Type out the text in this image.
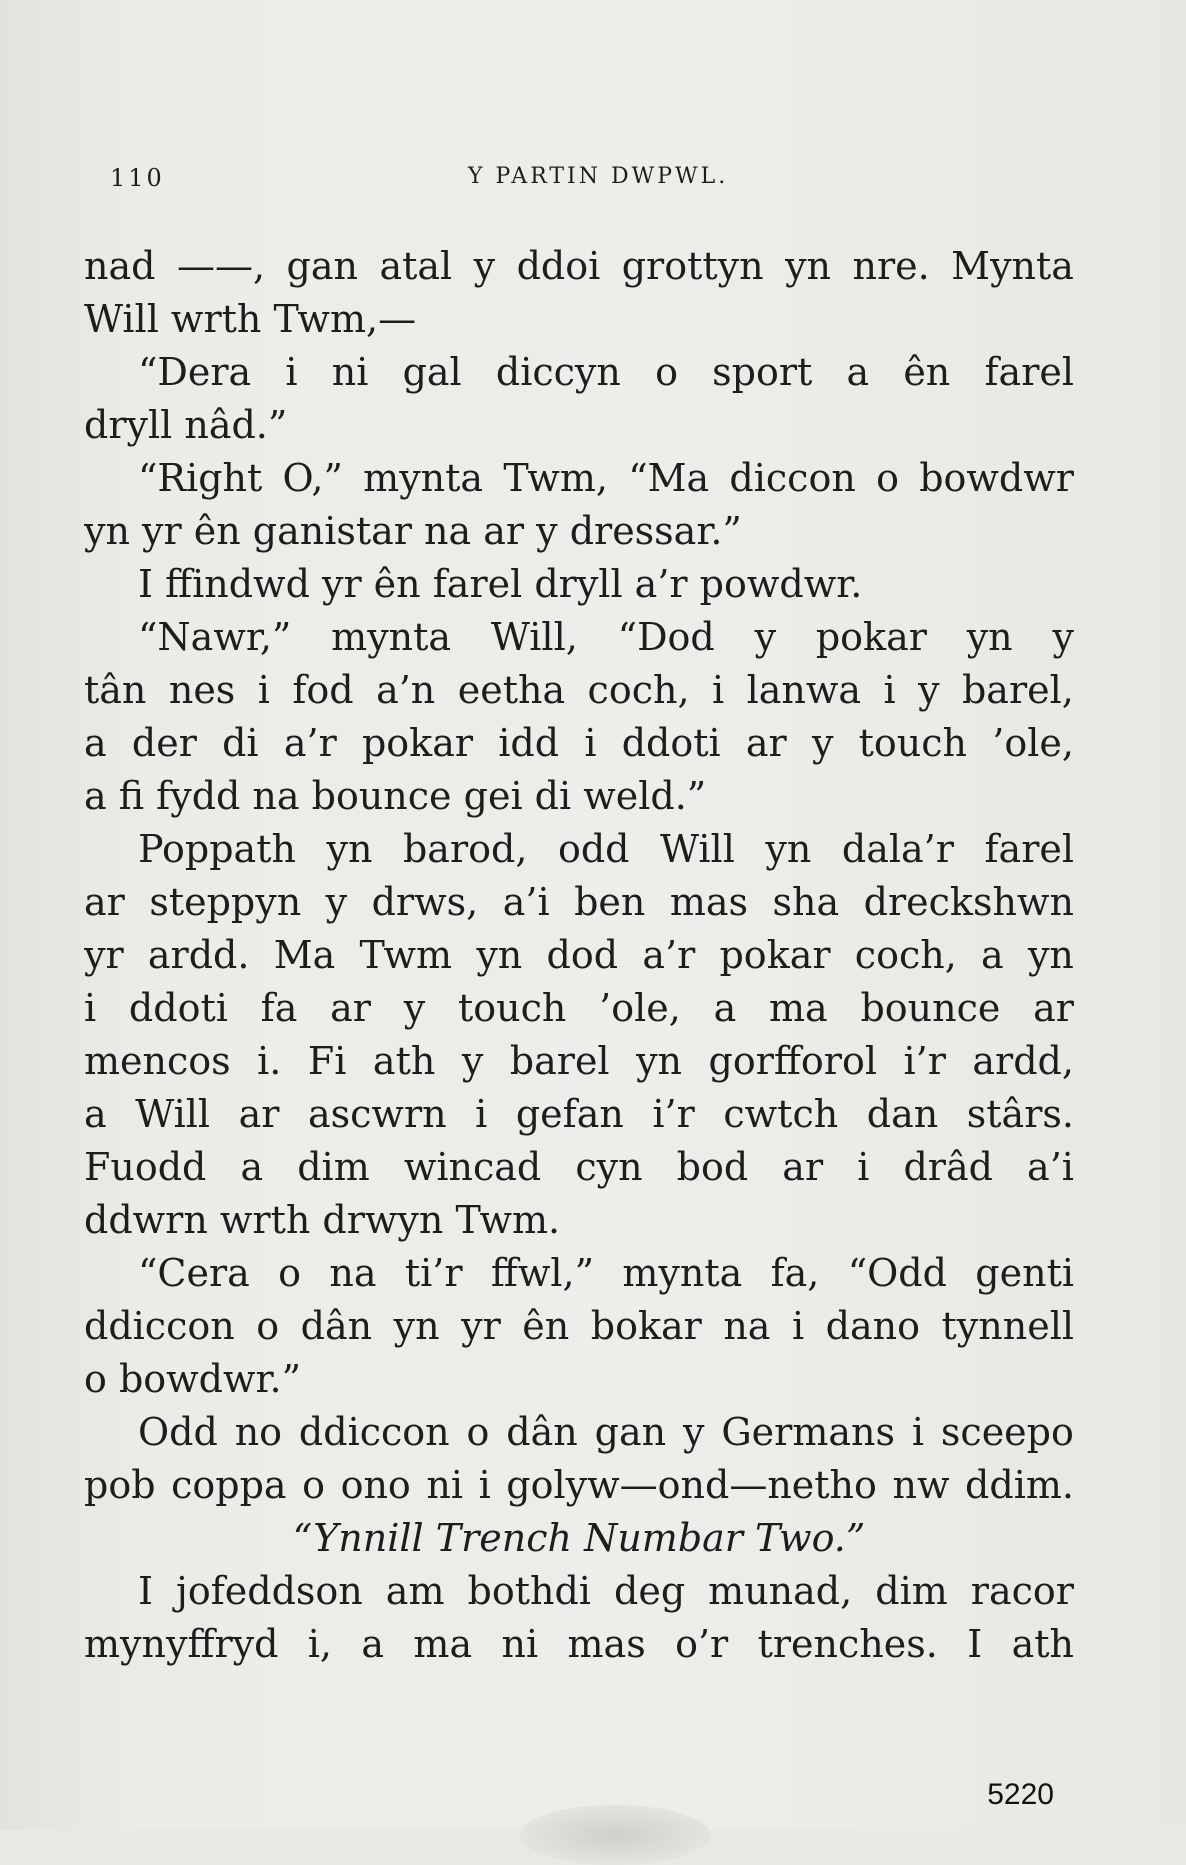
110	Y PARTIN DWPWL.
nad ——, gan atal y ddoi grottyn yn nre. Mynta
Will wrth Twm,—
“Dera i ni gal diccyn o sport a ên farel
dryll nâd.”
“Right O,” mynta Twm, “Ma diccon o bowdwr
yn yr ên ganistar na ar y dressar.”
I ffindwd yr ên farel dryll a’r powdwr.
“Nawr,” mynta Will, “Dod y pokar yn y
tân nes i fod a’n eetha coch, i lanwa i y barel,
a der di a’r pokar idd i ddoti ar y touch ’ole,
a fi fydd na bounce gei di weld.”
Poppath yn barod, odd Will yn dala’r farel
ar steppyn y drws, a’i ben mas sha dreckshwn
yr ardd. Ma Twm yn dod a’r pokar coch, a yn
i ddoti fa ar y touch ’ole, a ma bounce ar
mencos i. Fi ath y barel yn gorfforol i’r ardd,
a Will ar ascwrn i gefan i’r cwtch dan stârs.
Fuodd a dim wincad cyn bod ar i drâd a’i
ddwrn wrth drwyn Twm.
“Cera o na ti’r ffwl,” mynta fa, “Odd genti
ddiccon o dân yn yr ên bokar na i dano tynnell
o bowdwr.”
Odd no ddiccon o dân gan y Germans i sceepo
pob coppa o ono ni i golyw—ond—netho nw ddim.
“Ynnill Trench Numbar Two.”
I jofeddson am bothdi deg munad, dim racor
mynyffryd i, a ma ni mas o’r trenches. I ath
5220
